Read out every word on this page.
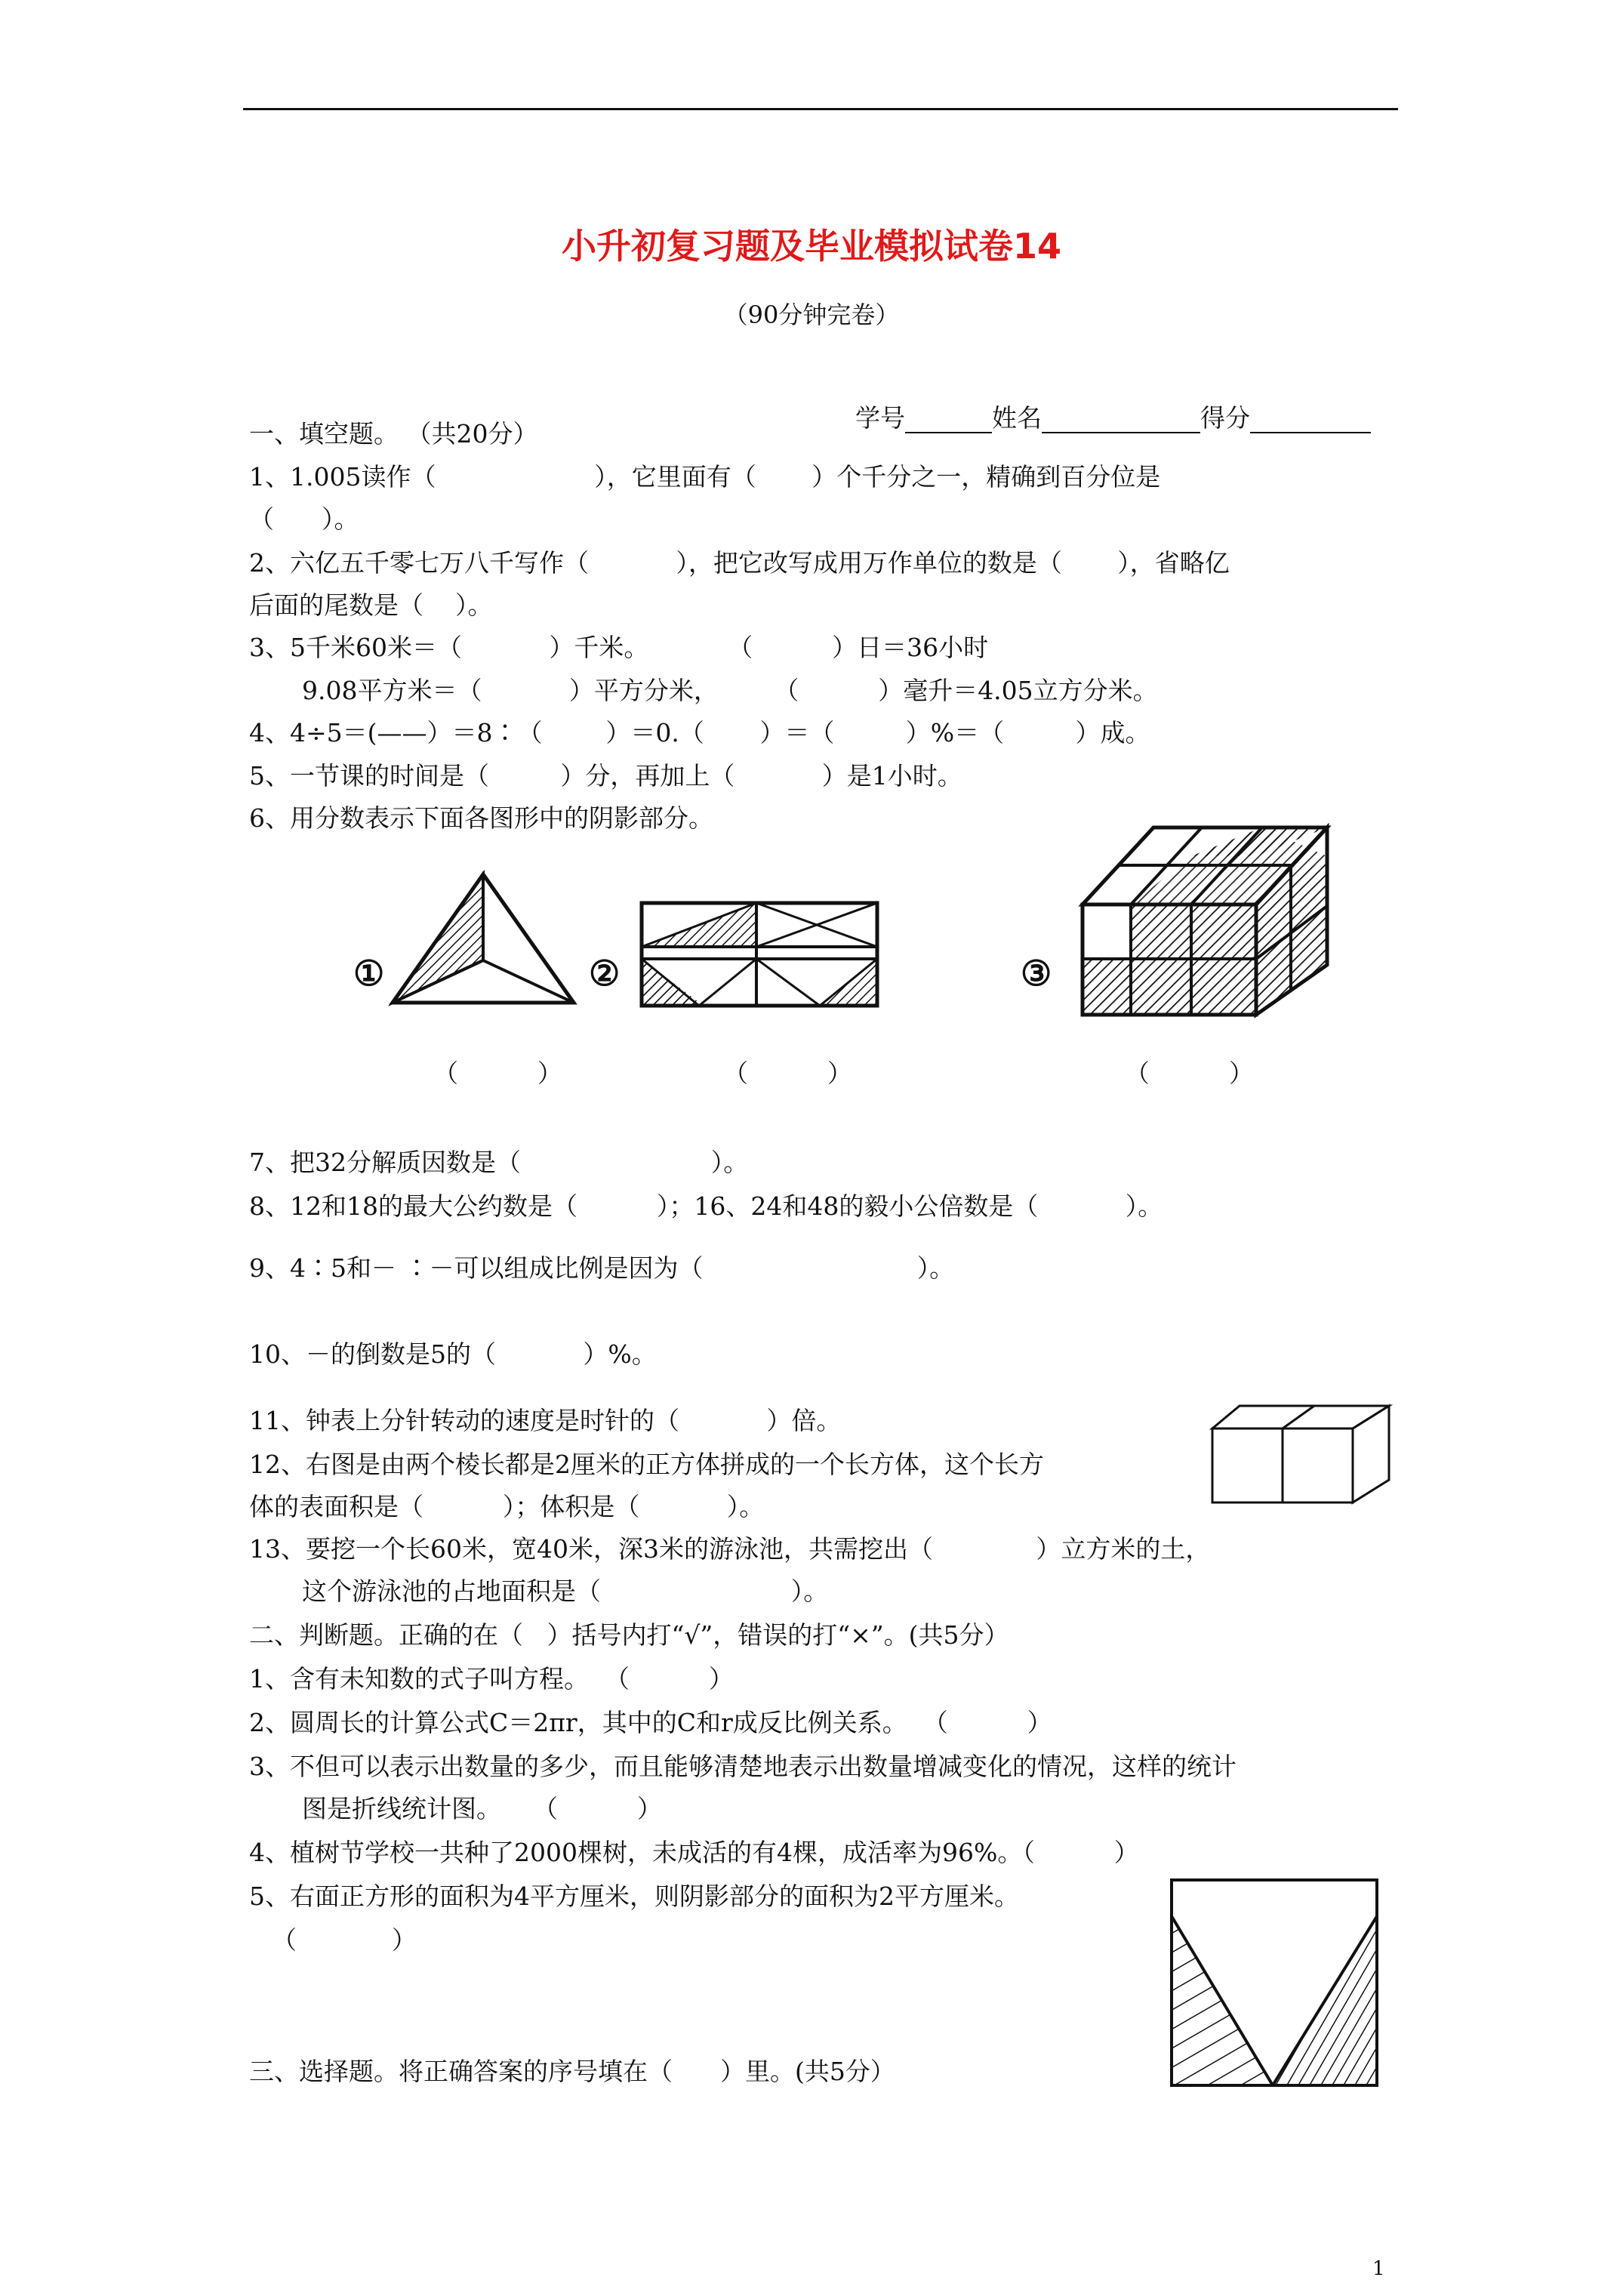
小升初复习题及毕业模拟试卷14
（90分钟完卷）

学号	姓名	得分

一、填空题。 （共20分）
1、1.005读作（                    ），它里面有（       ）个千分之一，精确到百分位是
（      ）。
2、六亿五千零七万八千写作（           ），把它改写成用万作单位的数是（       ），省略亿
后面的尾数是（    ）。
3、5千米60米＝（           ）千米。          （          ）日＝36小时
9.08平方米＝（           ）平方分米，       （          ）毫升＝4.05立方分米。
4、4÷5＝(——）＝8∶（        ）＝0.（       ）＝（         ）%＝（         ）成。
5、一节课的时间是（         ）分，再加上（           ）是1小时。
6、用分数表示下面各图形中的阴影部分。
①	②	③
（          ）	（          ）	（          ）
7、把32分解质因数是（                        ）。
8、12和18的最大公约数是（          ）；16、24和48的毅小公倍数是（           ）。
9、4∶5和－ ∶－可以组成比例是因为（                           ）。
10、－的倒数是5的（           ）%。
11、钟表上分针转动的速度是时针的（           ）倍。
12、右图是由两个棱长都是2厘米的正方体拼成的一个长方体，这个长方
体的表面积是（          ）；体积是（           ）。
13、要挖一个长60米，宽40米，深3米的游泳池，共需挖出（             ）立方米的土，
这个游泳池的占地面积是（                        ）。
二、判断题。正确的在（   ）括号内打“√”，错误的打“×”。(共5分）
1、含有未知数的式子叫方程。  （          ）
2、圆周长的计算公式C＝2πr，其中的C和r成反比例关系。  （          ）
3、不但可以表示出数量的多少，而且能够清楚地表示出数量增减变化的情况，这样的统计
图是折线统计图。    （          ）
4、植树节学校一共种了2000棵树，未成活的有4棵，成活率为96%。（          ）
5、右面正方形的面积为4平方厘米，则阴影部分的面积为2平方厘米。
（            ）
三、选择题。将正确答案的序号填在（      ）里。(共5分）
1
